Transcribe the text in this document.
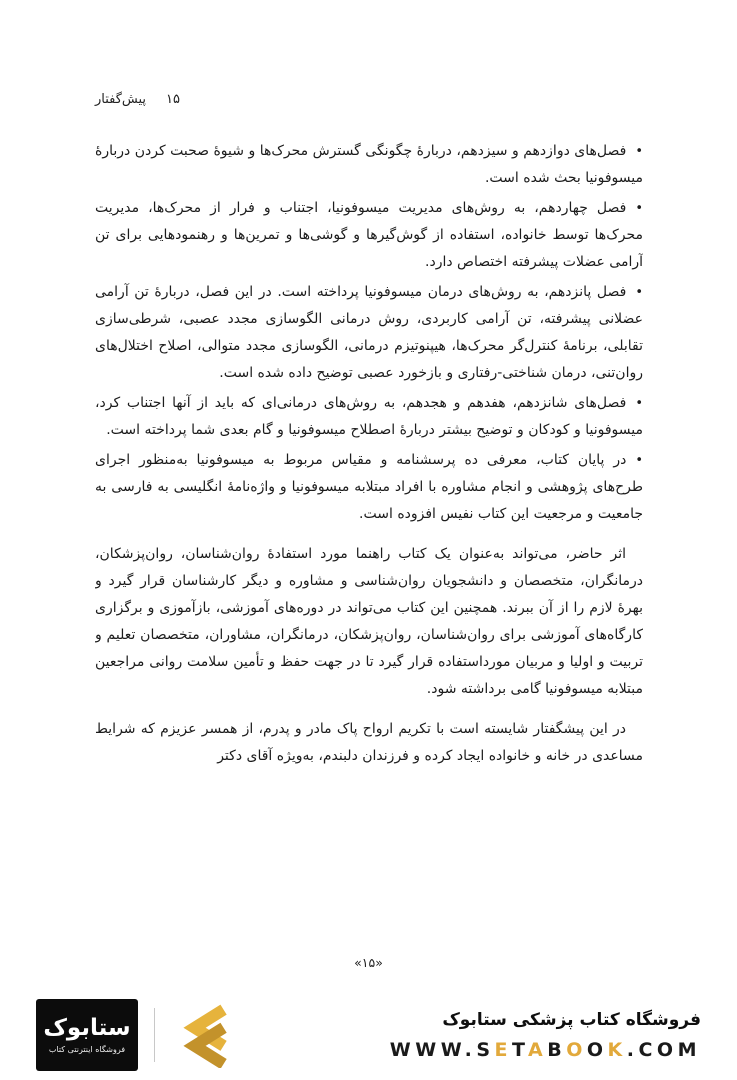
پیش‌گفتار ۱۵
• فصل‌های دوازدهم و سیزدهم، دربارهٔ چگونگی گسترش محرک‌ها و شیوهٔ صحبت کردن دربارهٔ میسوفونیا بحث شده است.
• فصل چهاردهم، به روش‌های مدیریت میسوفونیا، اجتناب و فرار از محرک‌ها، مدیریت محرک‌ها توسط خانواده، استفاده از گوش‌گیرها و گوشی‌ها و تمرین‌ها و رهنمودهایی برای تن آرامی عضلات پیشرفته اختصاص دارد.
• فصل پانزدهم، به روش‌های درمان میسوفونیا پرداخته است. در این فصل، دربارهٔ تن آرامی عضلانی پیشرفته، تن آرامی کاربردی، روش درمانی الگوسازی مجدد عصبی، شرطی‌سازی تقابلی، برنامهٔ کنترل‌گر محرک‌ها، هیپنوتیزم درمانی، الگوسازی مجدد متوالی، اصلاح اختلال‌های روان‌تنی، درمان شناختی-رفتاری و بازخورد عصبی توضیح داده شده است.
• فصل‌های شانزدهم، هفدهم و هجدهم، به روش‌های درمانی‌ای که باید از آنها اجتناب کرد، میسوفونیا و کودکان و توضیح بیشتر دربارهٔ اصطلاح میسوفونیا و گام بعدی شما پرداخته است.
• در پایان کتاب، معرفی ده پرسشنامه و مقیاس مربوط به میسوفونیا به‌منظور اجرای طرح‌های پژوهشی و انجام مشاوره با افراد مبتلابه میسوفونیا و واژه‌نامهٔ انگلیسی به فارسی به جامعیت و مرجعیت این کتاب نفیس افزوده است.

اثر حاضر، می‌تواند به‌عنوان یک کتاب راهنما مورد استفادهٔ روان‌شناسان، روان‌پزشکان، درمانگران، متخصصان و دانشجویان روان‌شناسی و مشاوره و دیگر کارشناسان قرار گیرد و بهرهٔ لازم را از آن ببرند. همچنین این کتاب می‌تواند در دوره‌های آموزشی، بازآموزی و برگزاری کارگاه‌های آموزشی برای روان‌شناسان، روان‌پزشکان، درمانگران، مشاوران، متخصصان تعلیم و تربیت و اولیا و مربیان مورداستفاده قرار گیرد تا در جهت حفظ و تأمین سلامت روانی مراجعین مبتلابه میسوفونیا گامی برداشته شود.

در این پیشگفتار شایسته است با تکریم ارواح پاک مادر و پدرم، از همسر عزیزم که شرایط مساعدی در خانه و خانواده ایجاد کرده و فرزندان دلبندم، به‌ویژه آقای دکتر

«۱۵»
ستابوک
فروشگاه اینترنتی کتاب
فروشگاه کتاب پزشکی ستابوک
WWW.SETABOOK.COM
